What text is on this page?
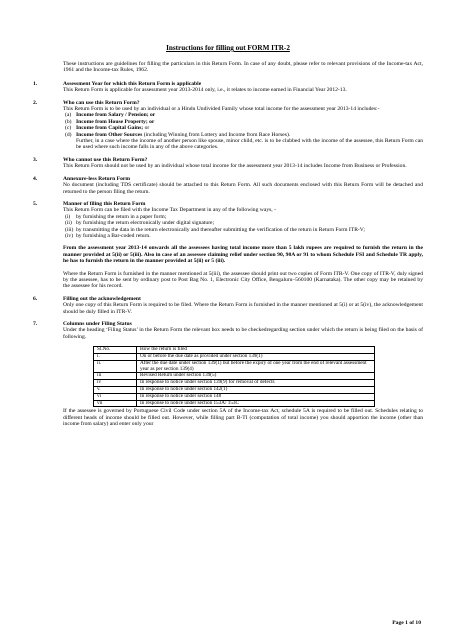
Instructions for filling out FORM ITR-2

These instructions are guidelines for filling the particulars in this Return Form. In case of any doubt, please refer to relevant provisions of the Income-tax Act, 1961 and the Income-tax Rules, 1962.

1.	Assessment Year for which this Return Form is applicable

This Return Form is applicable for assessment year 2013-2014 only, i.e., it relates to income earned in Financial Year 2012-13.

2.	Who can use this Return Form?

This Return Form is to be used by an individual or a Hindu Undivided Family whose total income for the assessment year 2013-14 includes:-

(a) Income from Salary / Pension; or
(b) Income from House Property; or
(c) Income from Capital Gains; or
(d) Income from Other Sources (including Winning from Lottery and Income from Race Horses).
Further, in a case where the income of another person like spouse, minor child, etc. is to be clubbed with the income of the assessee, this Return Form can be used where such income falls in any of the above categories.
3.	Who cannot use this Return Form?

This Return Form should not be used by an individual whose total income for the assessment year 2013-14 includes Income from Business or Profession.

4.	Annexure-less Return Form

No document (including TDS certificate) should be attached to this Return Form. All such documents enclosed with this Return Form will be detached and returned to the person filing the return.

5.	Manner of filing this Return Form

This Return Form can be filed with the Income Tax Department in any of the following ways, -

(i) by furnishing the return in a paper form;
(ii) by furnishing the return electronically under digital signature;
(iii) by transmitting the data in the return electronically and thereafter submitting the verification of the return in Return Form ITR-V;
(iv) by furnishing a Bar-coded return.

From the assessment year 2013-14 onwards all the assessees having total income more than 5 lakh rupees are required to furnish the return in the manner provided at 5(ii) or 5(iii). Also in case of an assessee claiming relief under section 90, 90A or 91 to whom Schedule FSI and Schedule TR apply, he has to furnish the return in the manner provided at 5(ii) or 5 (iii).

Where the Return Form is furnished in the manner mentioned at 5(iii), the assessee should print out two copies of Form ITR-V. One copy of ITR-V, duly signed by the assessee, has to be sent by ordinary post to Post Bag No. 1, Electronic City Office, Bengaluru–560100 (Karnataka). The other copy may be retained by the assessee for his record.

6.	Filling out the acknowledgement

Only one copy of this Return Form is required to be filed. Where the Return Form is furnished in the manner mentioned at 5(i) or at 5(iv), the acknowledgement should be duly filled in ITR-V.

7.	Columns under Filing Status

Under the heading ‘Filing Status’ in the Return Form the relevant box needs to be checkedregarding section under which the return is being filed on the basis of following.

Sl.No.	How the return is filed
i.	On or before the due date as provided under section 139(1)
ii.	After the due date under section 139(1) but before the expiry of one year from the end of relevant assessment year as per section 139(4)
iii	Revised Return under section 139(5)
iv	In response to notice under section 139(9) for removal of defects
v.	In response to notice under section 142(1)
vi	In response to notice under section 148
vii	In response to notice under section 153A/ 153C

If the assessee is governed by Portuguese Civil Code under section 5A of the Income-tax Act, schedule 5A is required to be filled out. Schedules relating to different heads of income should be filled out. However, while filling part B-TI (computation of total income) you should apportion the income (other than income from salary) and enter only your

Page 1 of 10
